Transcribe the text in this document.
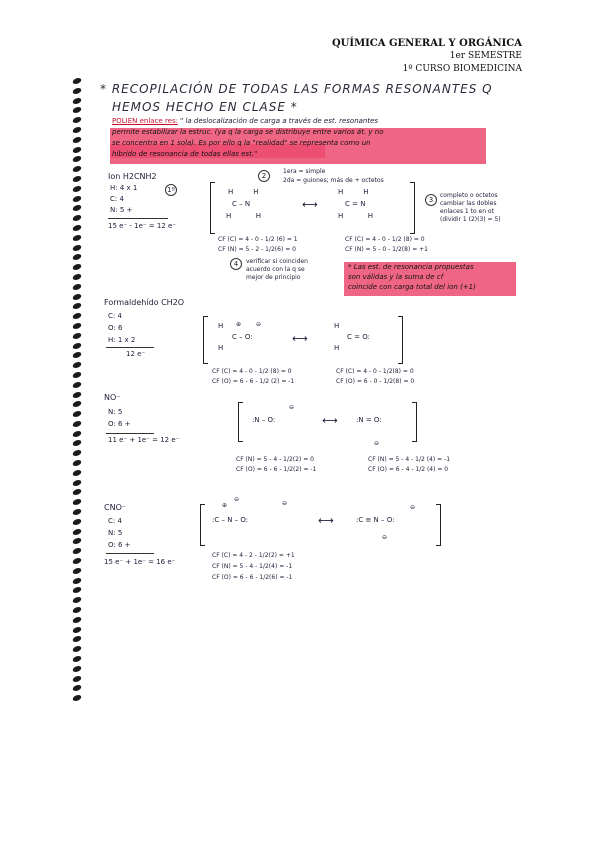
QUÍMICA GENERAL Y ORGÁNICA
1er SEMESTRE
1º CURSO BIOMEDICINA
* RECOPILACIÓN DE TODAS LAS FORMAS RESONANTES Q
HEMOS HECHO EN CLASE *
POLIEN enlace res: " la deslocalización de carga a través de est. resonantes
permite estabilizar la estruc. (ya q la carga se distribuye entre varios át. y no
se concentra en 1 sola). Es por ello q la "realidad" se representa como un
híbrido de resonancia de todas ellas est."
Ion H2CNH2
H: 4 x 1
C: 4
N: 5 +
15 e⁻ - 1e⁻ = 12 e⁻
1º	H         H
C – N
H           H
⟷
H         H
C = N
H           H
2
1era = simple
2da = guiones; más de + octetos
3
completo o octetos
cambiar las dobles
enlaces 1 to en ot
(dividir 1 (2)(3) = 5)
CF (C) = 4 - 0 - 1/2 (6) = 1
CF (N) = 5 - 2 - 1/2(6) = 0
CF (C) = 4 - 0 - 1/2 (8) = 0
CF (N) = 5 - 0 - 1/2(8) = +1
4	verificar si coinciden
acuerdo con la q se
mejor de principio
* Las est. de resonancia propuestas
son válidas y la suma de cf
coincide con carga total del ion (+1)
Formaldehído CH2O
C: 4
O: 6
H: 1 x 2
12 e⁻
H
C – O:
H
⊕ ⊖
⟷
H
C = O:
H
CF (C) = 4 - 0 - 1/2 (8) = 0
CF (O) = 6 - 6 - 1/2 (2) = -1
CF (C) = 4 - 0 - 1/2(8) = 0
CF (O) = 6 - 0 - 1/2(8) = 0
NO⁻
N: 5
O: 6 +
11 e⁻ + 1e⁻ = 12 e⁻
:N – O:
⊖
⟷	:N = O:
⊖
CF (N) = 5 - 4 - 1/2(2) = 0
CF (O) = 6 - 6 - 1/2(2) = -1
CF (N) = 5 - 4 - 1/2 (4) = -1
CF (O) = 6 - 4 - 1/2 (4) = 0
CNO⁻
C: 4
N: 5
O: 6 +
15 e⁻ + 1e⁻ = 16 e⁻
:C – N – O:
⊕
⊖
⊖
⟷	:C ≡ N – O:
⊖
⊖
CF (C) = 4 - 2 - 1/2(2) = +1
CF (N) = 5 - 4 - 1/2(4) = -1
CF (O) = 6 - 6 - 1/2(6) = -1
